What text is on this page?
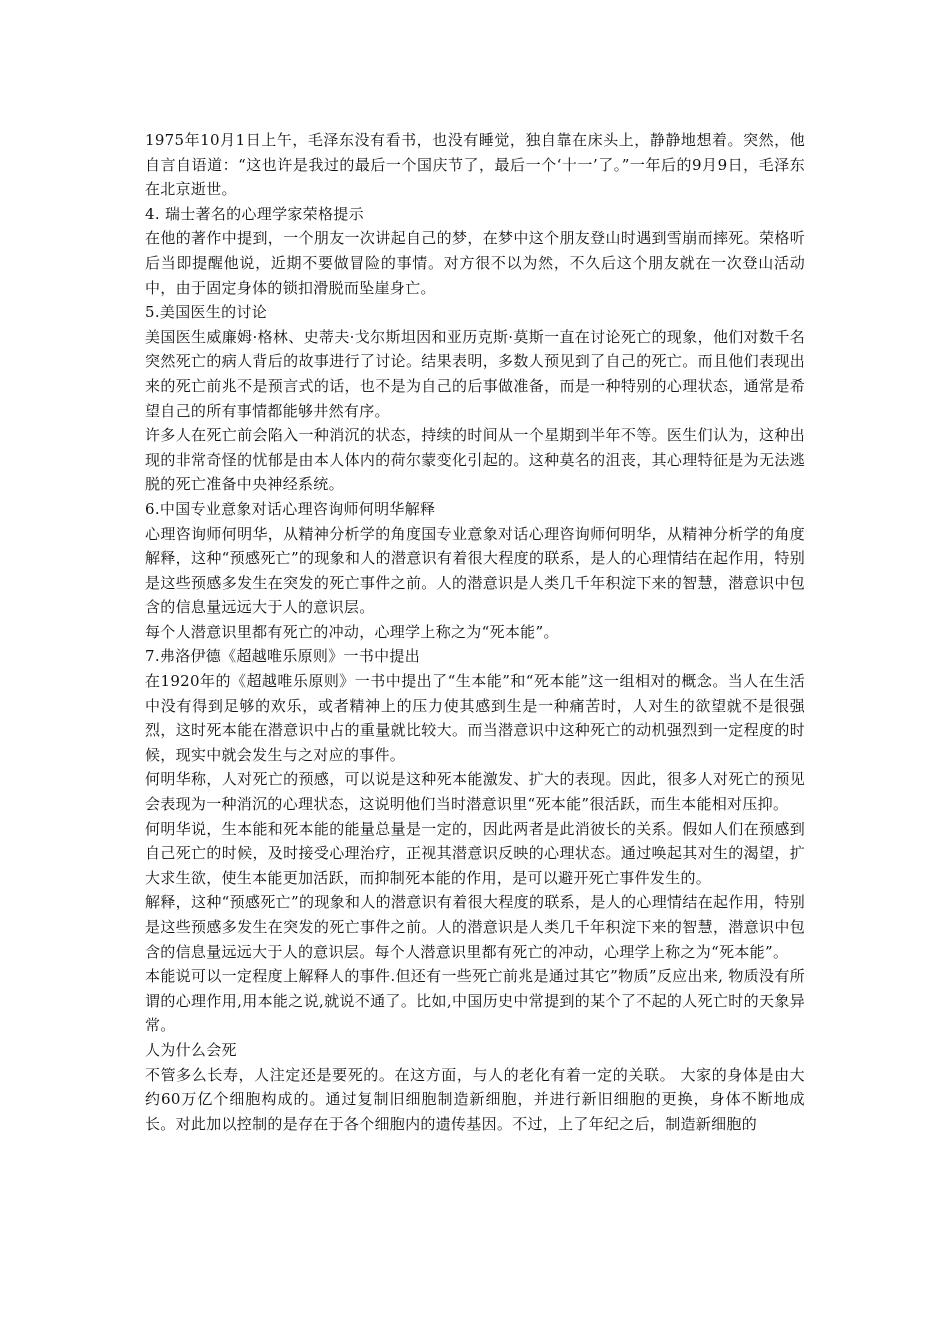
1975年10月1日上午，毛泽东没有看书，也没有睡觉，独自靠在床头上，静静地想着。突然，他自言自语道：“这也许是我过的最后一个国庆节了，最后一个‘十一’了。”一年后的9月9日，毛泽东在北京逝世。

4. 瑞士著名的心理学家荣格提示

在他的著作中提到，一个朋友一次讲起自己的梦，在梦中这个朋友登山时遇到雪崩而摔死。荣格听后当即提醒他说，近期不要做冒险的事情。对方很不以为然，不久后这个朋友就在一次登山活动中，由于固定身体的锁扣滑脱而坠崖身亡。

5.美国医生的讨论

美国医生威廉姆·格林、史蒂夫·戈尔斯坦因和亚历克斯·莫斯一直在讨论死亡的现象，他们对数千名突然死亡的病人背后的故事进行了讨论。结果表明，多数人预见到了自己的死亡。而且他们表现出来的死亡前兆不是预言式的话，也不是为自己的后事做准备，而是一种特别的心理状态，通常是希望自己的所有事情都能够井然有序。

许多人在死亡前会陷入一种消沉的状态，持续的时间从一个星期到半年不等。医生们认为，这种出现的非常奇怪的忧郁是由本人体内的荷尔蒙变化引起的。这种莫名的沮丧，其心理特征是为无法逃脱的死亡准备中央神经系统。

6.中国专业意象对话心理咨询师何明华解释

心理咨询师何明华，从精神分析学的角度国专业意象对话心理咨询师何明华，从精神分析学的角度解释，这种“预感死亡”的现象和人的潜意识有着很大程度的联系，是人的心理情结在起作用，特别是这些预感多发生在突发的死亡事件之前。人的潜意识是人类几千年积淀下来的智慧，潜意识中包含的信息量远远大于人的意识层。

每个人潜意识里都有死亡的冲动，心理学上称之为“死本能”。

7.弗洛伊德《超越唯乐原则》一书中提出

在1920年的《超越唯乐原则》一书中提出了“生本能”和“死本能”这一组相对的概念。当人在生活中没有得到足够的欢乐，或者精神上的压力使其感到生是一种痛苦时，人对生的欲望就不是很强烈，这时死本能在潜意识中占的重量就比较大。而当潜意识中这种死亡的动机强烈到一定程度的时候，现实中就会发生与之对应的事件。

何明华称，人对死亡的预感，可以说是这种死本能激发、扩大的表现。因此，很多人对死亡的预见会表现为一种消沉的心理状态，这说明他们当时潜意识里“死本能”很活跃，而生本能相对压抑。

何明华说，生本能和死本能的能量总量是一定的，因此两者是此消彼长的关系。假如人们在预感到自己死亡的时候，及时接受心理治疗，正视其潜意识反映的心理状态。通过唤起其对生的渴望，扩大求生欲，使生本能更加活跃，而抑制死本能的作用，是可以避开死亡事件发生的。

解释，这种“预感死亡”的现象和人的潜意识有着很大程度的联系，是人的心理情结在起作用，特别是这些预感多发生在突发的死亡事件之前。人的潜意识是人类几千年积淀下来的智慧，潜意识中包含的信息量远远大于人的意识层。每个人潜意识里都有死亡的冲动，心理学上称之为“死本能”。

本能说可以一定程度上解释人的事件.但还有一些死亡前兆是通过其它”物质”反应出来, 物质没有所谓的心理作用,用本能之说,就说不通了。比如,中国历史中常提到的某个了不起的人死亡时的天象异常。

人为什么会死

不管多么长寿，人注定还是要死的。在这方面，与人的老化有着一定的关联。 大家的身体是由大约60万亿个细胞构成的。通过复制旧细胞制造新细胞，并进行新旧细胞的更换，身体不断地成长。对此加以控制的是存在于各个细胞内的遗传基因。不过，上了年纪之后，制造新细胞的
